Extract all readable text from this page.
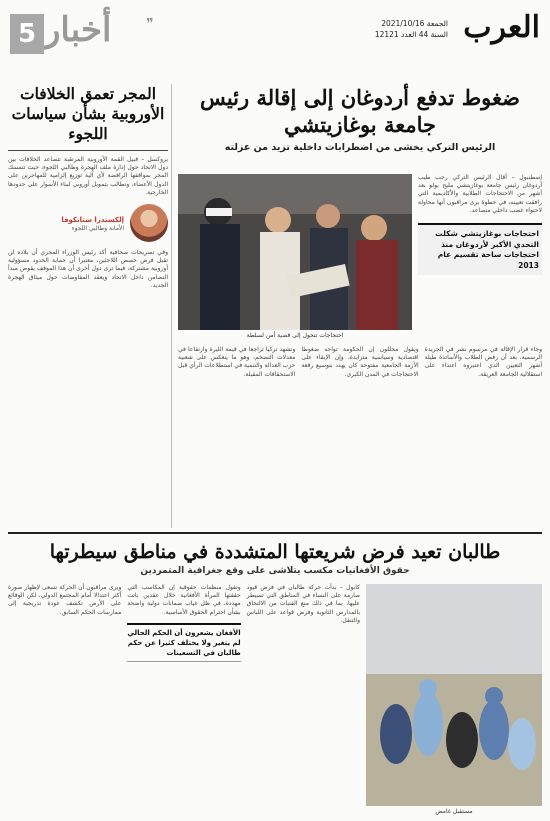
العرب
الجمعة 2021/10/16
السنة 44 العدد 12121
❞
أخبار
5
المجر تعمق الخلافات الأوروبية بشأن سياسات اللجوء
بروكسل – قبيل القمة الأوروبية المرتقبة تتصاعد الخلافات بين دول الاتحاد حول إدارة ملف الهجرة وطالبي اللجوء، حيث تتمسك المجر بمواقفها الرافضة لأي آلية توزيع إلزامية للمهاجرين على الدول الأعضاء، وتطالب بتمويل أوروبي لبناء الأسوار على حدودها الخارجية.
إلكسندرا ستانكوفا
الأمانة وطالبي اللجوء
وفي تصريحات صحافية أكد رئيس الوزراء المجري أن بلاده لن تقبل فرض حصص اللاجئين، معتبرا أن حماية الحدود مسؤولية أوروبية مشتركة، فيما ترى دول أخرى أن هذا الموقف يقوض مبدأ التضامن داخل الاتحاد ويعقد المفاوضات حول ميثاق الهجرة الجديد.
ضغوط تدفع أردوغان إلى إقالة رئيس جامعة بوغازيتشي
الرئيس التركي يخشى من اضطرابات داخلية تزيد من عزلته
احتجاجات تتحول إلى قضية أمن لسلطة
إسطنبول – أقال الرئيس التركي رجب طيب أردوغان رئيس جامعة بوغازيتشي مليح بولو بعد أشهر من الاحتجاجات الطلابية والأكاديمية التي رافقت تعيينه، في خطوة يرى مراقبون أنها محاولة لاحتواء غضب داخلي متصاعد.
احتجاجات بوغازيتشي شكلت التحدي الأكبر لأردوغان منذ احتجاجات ساحة تقسيم عام 2013
وجاء قرار الإقالة في مرسوم نشر في الجريدة الرسمية، بعد أن رفض الطلاب والأساتذة طيلة أشهر التعيين الذي اعتبروه اعتداء على استقلالية الجامعة العريقة.
ويقول محللون إن الحكومة تواجه ضغوطا اقتصادية وسياسية متزايدة، وإن الإبقاء على الأزمة الجامعية مفتوحة كان يهدد بتوسيع رقعة الاحتجاجات في المدن الكبرى.
وتشهد تركيا تراجعا في قيمة الليرة وارتفاعا في معدلات التضخم، وهو ما ينعكس على شعبية حزب العدالة والتنمية في استطلاعات الرأي قبل الاستحقاقات المقبلة.
طالبان تعيد فرض شريعتها المتشددة في مناطق سيطرتها
حقوق الأفغانيات مكسب يتلاشى على وقع جغرافية المتمردين
مستقبل غامض
كابول – بدأت حركة طالبان في فرض قيود صارمة على النساء في المناطق التي تسيطر عليها، بما في ذلك منع الفتيات من الالتحاق بالمدارس الثانوية وفرض قواعد على اللباس والتنقل.
وتقول منظمات حقوقية إن المكاسب التي حققتها المرأة الأفغانية خلال عقدين باتت مهددة، في ظل غياب ضمانات دولية واضحة بشأن احترام الحقوق الأساسية.
الأفغان يشعرون أن الحكم الحالي لم يتغير ولا يختلف كثيرا عن حكم طالبان في التسعينات
ويرى مراقبون أن الحركة تسعى لإظهار صورة أكثر اعتدالا أمام المجتمع الدولي، لكن الوقائع على الأرض تكشف عودة تدريجية إلى ممارسات الحكم السابق.
